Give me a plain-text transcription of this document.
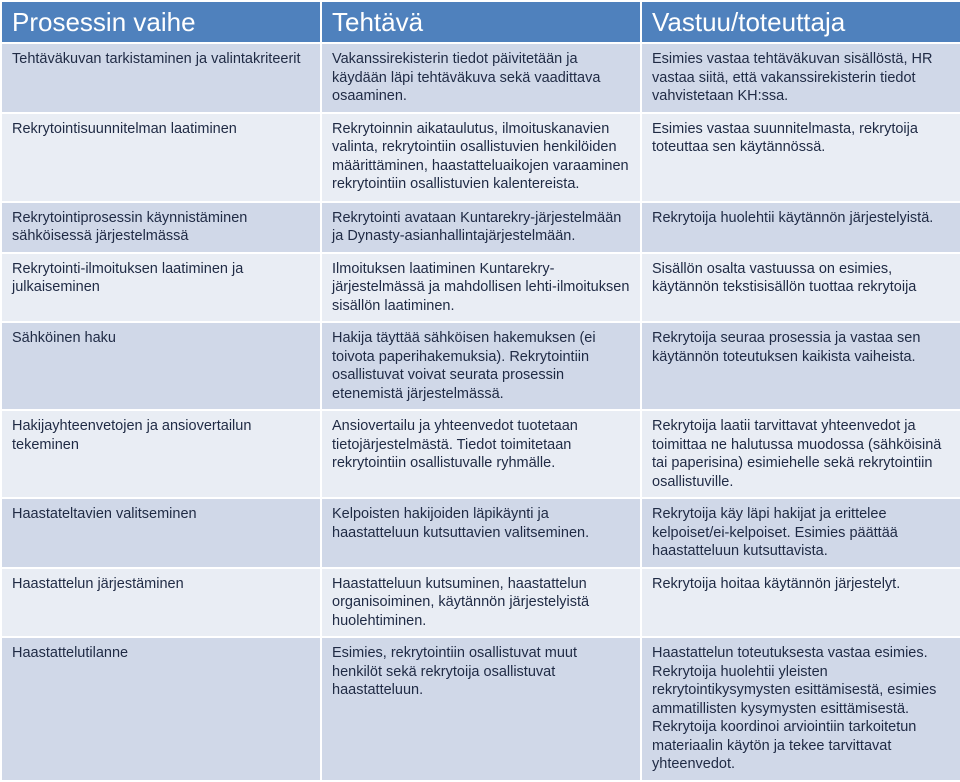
Prosessin vaihe	Tehtävä	Vastuu/toteuttaja
Tehtäväkuvan tarkistaminen ja valintakriteerit	Vakanssirekisterin tiedot päivitetään ja käydään läpi tehtäväkuva sekä vaadittava osaaminen.	Esimies vastaa tehtäväkuvan sisällöstä, HR vastaa siitä, että vakanssirekisterin tiedot vahvistetaan KH:ssa.
Rekrytointisuunnitelman laatiminen	Rekrytoinnin aikataulutus, ilmoituskanavien valinta, rekrytointiin osallistuvien henkilöiden määrittäminen, haastatteluaikojen varaaminen rekrytointiin osallistuvien kalentereista.	Esimies vastaa suunnitelmasta, rekrytoija toteuttaa sen käytännössä.
Rekrytointiprosessin käynnistäminen sähköisessä järjestelmässä	Rekrytointi avataan Kuntarekry-järjestelmään ja Dynasty-asianhallintajärjestelmään.	Rekrytoija huolehtii käytännön järjestelyistä.
Rekrytointi-ilmoituksen laatiminen ja julkaiseminen	Ilmoituksen laatiminen Kuntarekry-järjestelmässä ja mahdollisen lehti-ilmoituksen sisällön laatiminen.	Sisällön osalta vastuussa on esimies, käytännön tekstisisällön tuottaa rekrytoija
Sähköinen haku	Hakija täyttää sähköisen hakemuksen (ei toivota paperihakemuksia). Rekrytointiin osallistuvat voivat seurata prosessin etenemistä järjestelmässä.	Rekrytoija seuraa prosessia ja vastaa sen käytännön toteutuksen kaikista vaiheista.
Hakijayhteenvetojen ja ansiovertailun tekeminen	Ansiovertailu ja yhteenvedot tuotetaan tietojärjestelmästä. Tiedot toimitetaan rekrytointiin osallistuvalle ryhmälle.	Rekrytoija laatii tarvittavat yhteenvedot ja toimittaa ne halutussa muodossa (sähköisinä tai paperisina) esimiehelle sekä rekrytointiin osallistuville.
Haastateltavien valitseminen	Kelpoisten hakijoiden läpikäynti ja haastatteluun kutsuttavien valitseminen.	Rekrytoija käy läpi hakijat ja erittelee kelpoiset/ei-kelpoiset. Esimies päättää haastatteluun kutsuttavista.
Haastattelun järjestäminen	Haastatteluun kutsuminen, haastattelun organisoiminen, käytännön järjestelyistä huolehtiminen.	Rekrytoija hoitaa käytännön järjestelyt.
Haastattelutilanne	Esimies, rekrytointiin osallistuvat muut henkilöt sekä rekrytoija osallistuvat haastatteluun.	Haastattelun toteutuksesta vastaa esimies. Rekrytoija huolehtii yleisten rekrytointikysymysten esittämisestä, esimies ammatillisten kysymysten esittämisestä. Rekrytoija koordinoi arviointiin tarkoitetun materiaalin käytön ja tekee tarvittavat yhteenvedot.
